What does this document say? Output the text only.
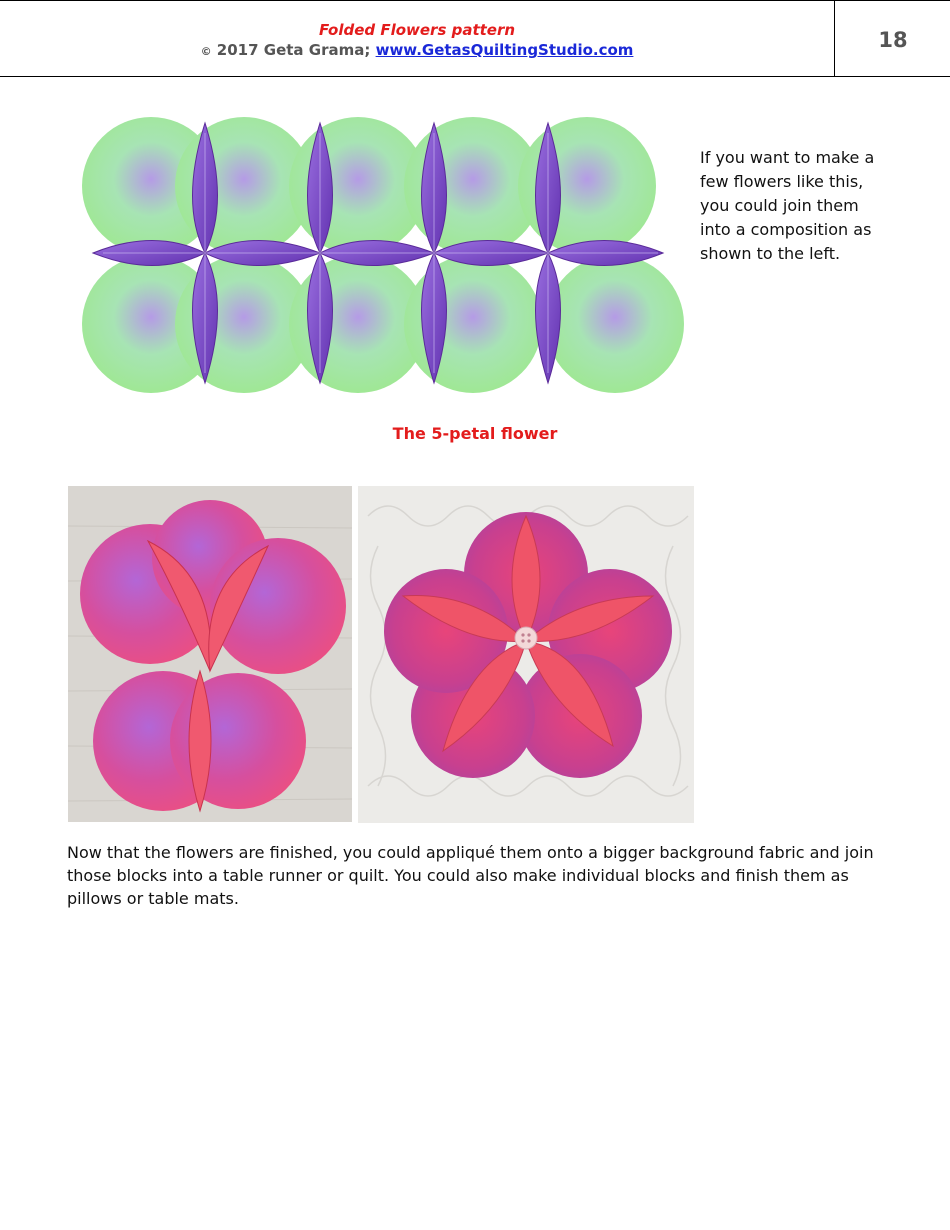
Folded Flowers pattern
© 2017 Geta Grama; www.GetasQuiltingStudio.com	18
If you want to make a few flowers like this, you could join them into a composition as shown to the left.
The 5-petal flower
Now that the flowers are finished, you could appliqué them onto a bigger background fabric and join those blocks into a table runner or quilt. You could also make individual blocks and finish them as pillows or table mats.
